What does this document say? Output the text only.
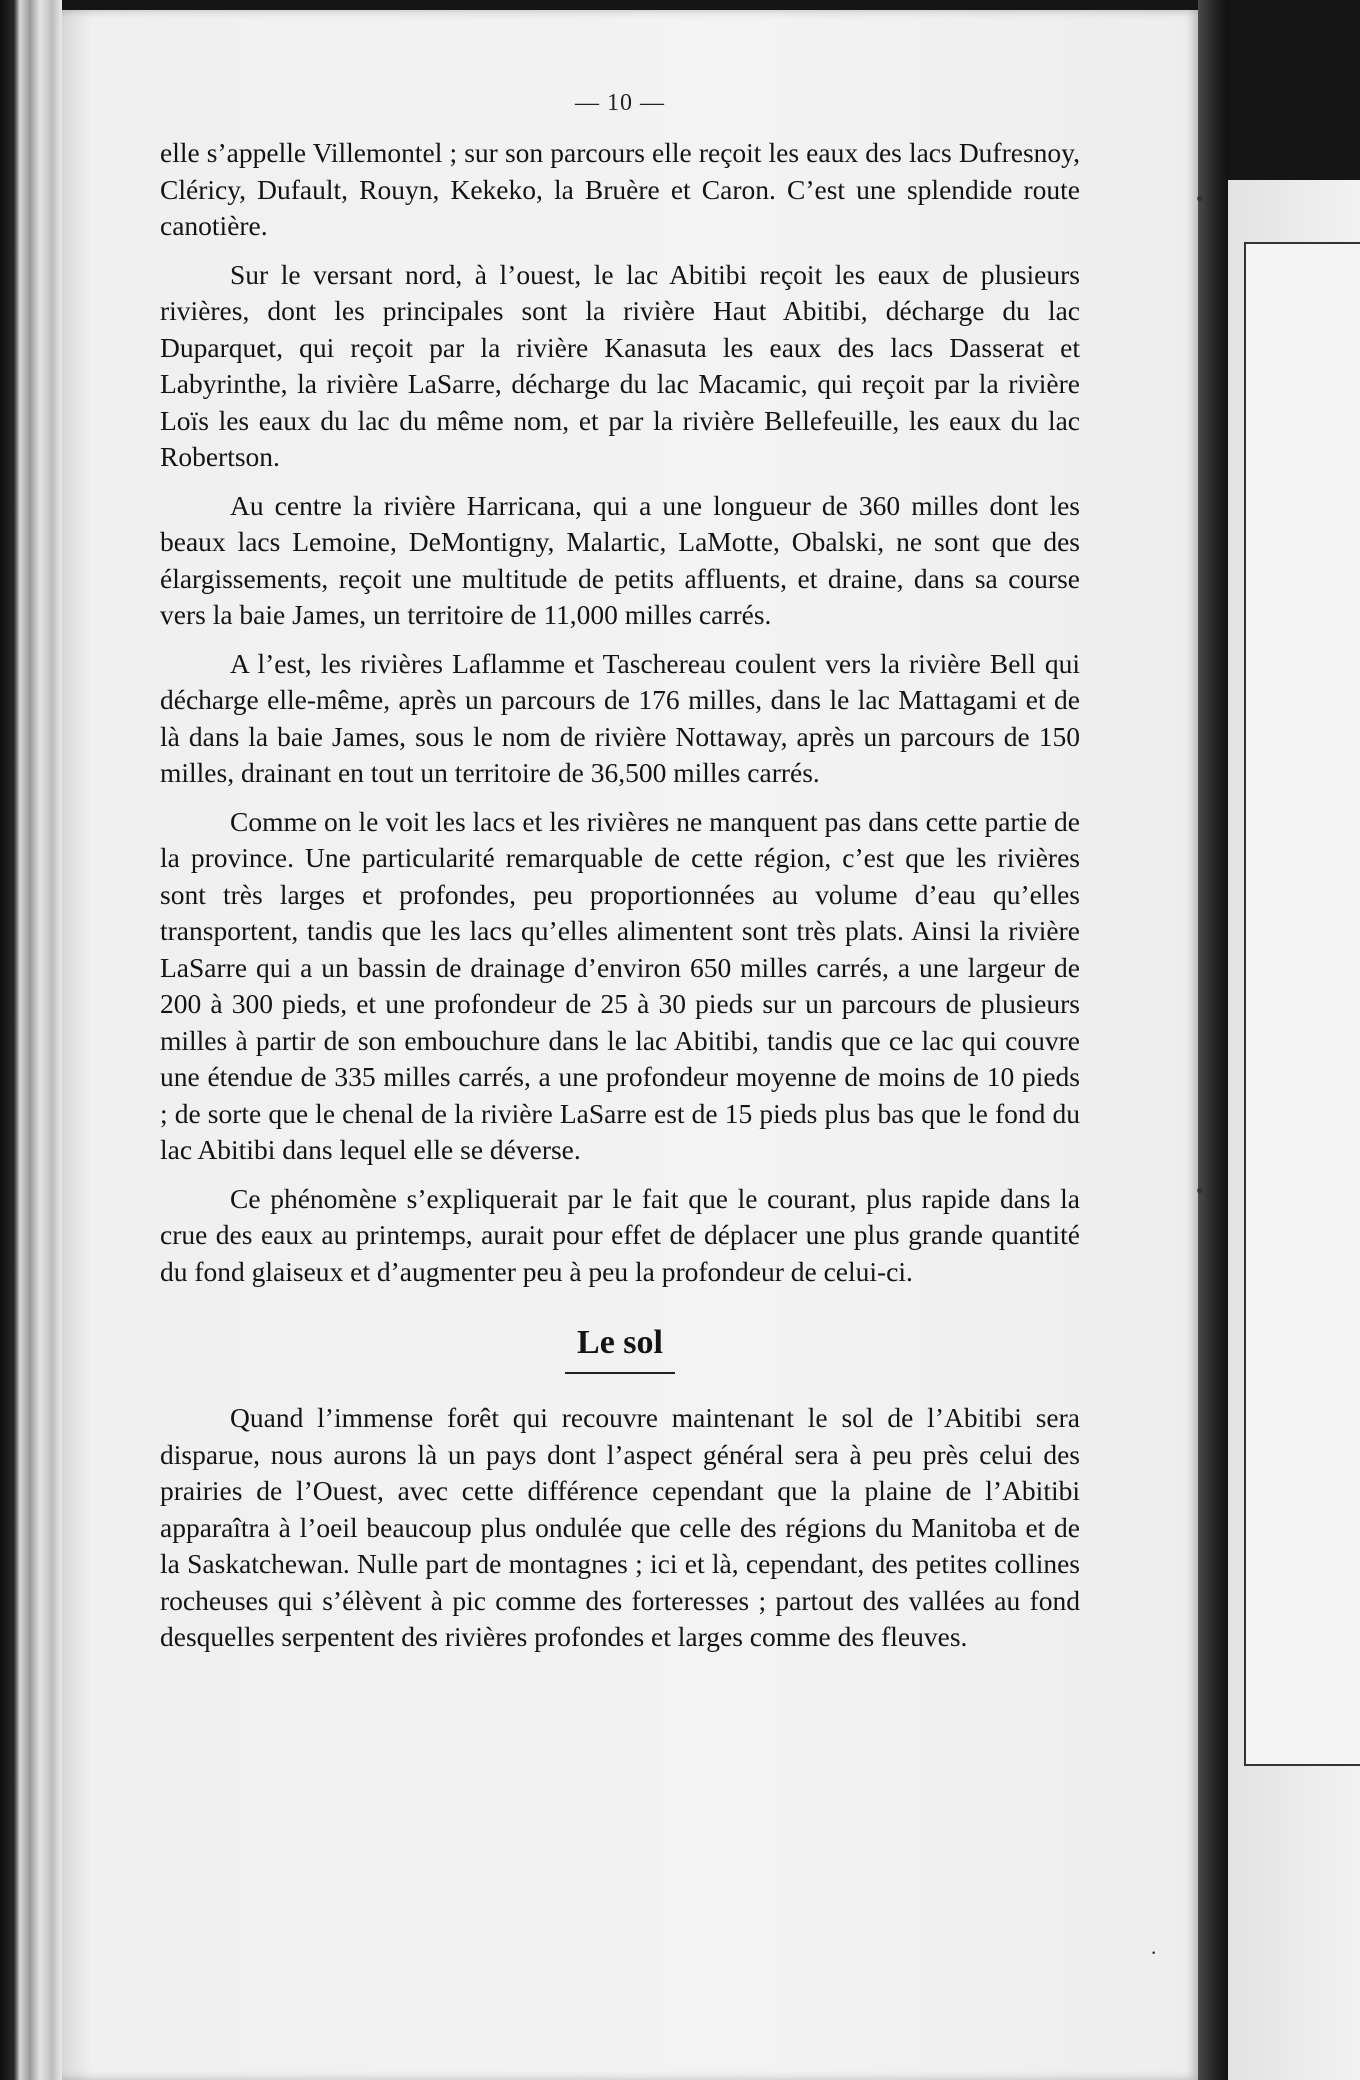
•
•
·
— 10 —

elle s’appelle Villemontel ; sur son parcours elle reçoit les eaux des lacs Dufresnoy, Cléricy, Dufault, Rouyn, Kekeko, la Bruère et Caron. C’est une splendide route canotière.

Sur le versant nord, à l’ouest, le lac Abitibi reçoit les eaux de plusieurs rivières, dont les principales sont la rivière Haut Abitibi, décharge du lac Duparquet, qui reçoit par la rivière Kanasuta les eaux des lacs Dasserat et Labyrinthe, la rivière LaSarre, décharge du lac Macamic, qui reçoit par la rivière Loïs les eaux du lac du même nom, et par la rivière Bellefeuille, les eaux du lac Robertson.

Au centre la rivière Harricana, qui a une longueur de 360 milles dont les beaux lacs Lemoine, DeMontigny, Malartic, LaMotte, Obalski, ne sont que des élargissements, reçoit une multitude de petits affluents, et draine, dans sa course vers la baie James, un territoire de 11,000 milles carrés.

A l’est, les rivières Laflamme et Taschereau coulent vers la rivière Bell qui décharge elle-même, après un parcours de 176 milles, dans le lac Mattagami et de là dans la baie James, sous le nom de rivière Nottaway, après un parcours de 150 milles, drainant en tout un territoire de 36,500 milles carrés.

Comme on le voit les lacs et les rivières ne manquent pas dans cette partie de la province. Une particularité remarquable de cette région, c’est que les rivières sont très larges et profondes, peu proportionnées au volume d’eau qu’elles transportent, tandis que les lacs qu’elles alimentent sont très plats. Ainsi la rivière LaSarre qui a un bassin de drainage d’environ 650 milles carrés, a une largeur de 200 à 300 pieds, et une profondeur de 25 à 30 pieds sur un parcours de plusieurs milles à partir de son embouchure dans le lac Abitibi, tandis que ce lac qui couvre une étendue de 335 milles carrés, a une profondeur moyenne de moins de 10 pieds ; de sorte que le chenal de la rivière LaSarre est de 15 pieds plus bas que le fond du lac Abitibi dans lequel elle se déverse.

Ce phénomène s’expliquerait par le fait que le courant, plus rapide dans la crue des eaux au printemps, aurait pour effet de déplacer une plus grande quantité du fond glaiseux et d’augmenter peu à peu la profondeur de celui-ci.

Le sol

Quand l’immense forêt qui recouvre maintenant le sol de l’Abitibi sera disparue, nous aurons là un pays dont l’aspect général sera à peu près celui des prairies de l’Ouest, avec cette différence cependant que la plaine de l’Abitibi apparaîtra à l’oeil beaucoup plus ondulée que celle des régions du Manitoba et de la Saskatchewan. Nulle part de montagnes ; ici et là, cependant, des petites collines rocheuses qui s’élèvent à pic comme des forteresses ; partout des vallées au fond desquelles serpentent des rivières profondes et larges comme des fleuves.
